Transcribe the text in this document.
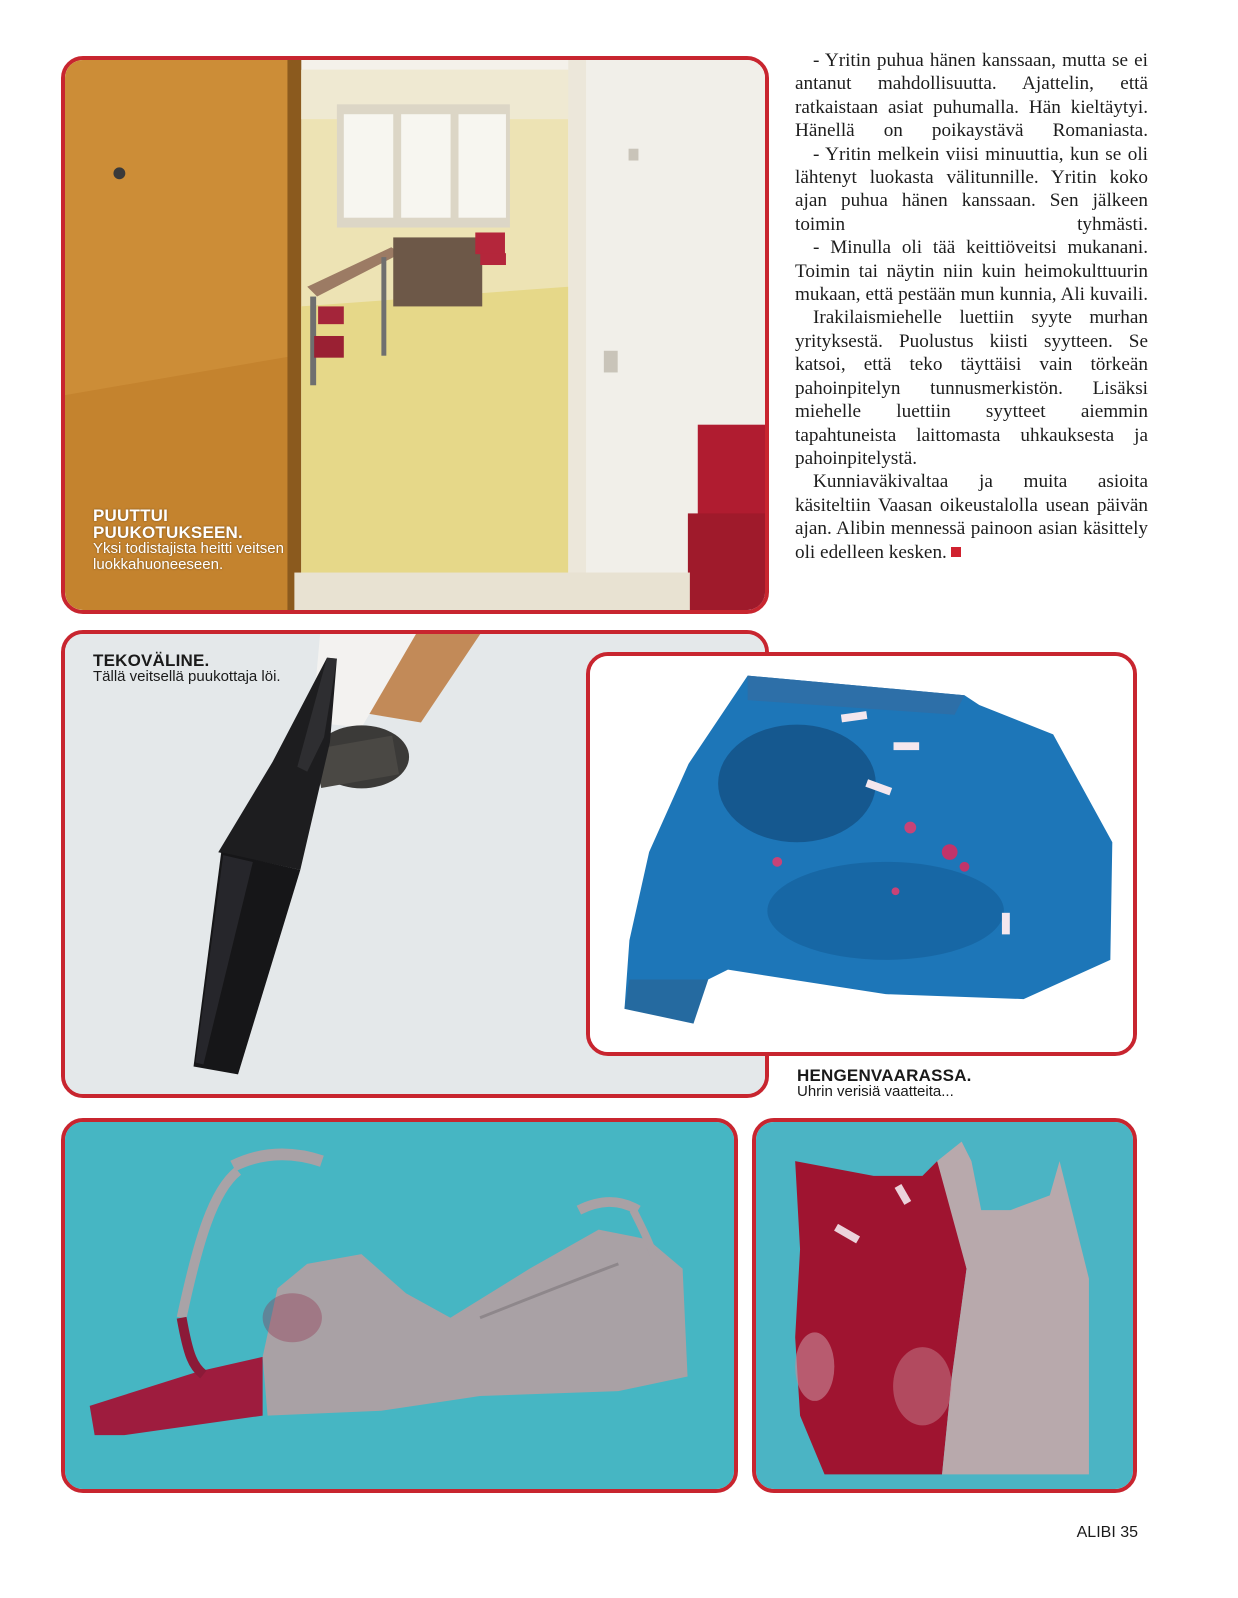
PUUTTUI PUUKOTUKSEEN.
Yksi todistajista heitti veitsen luokkahuoneeseen.

- Yritin puhua hänen kanssaan, mutta se ei antanut mahdollisuutta. Ajattelin, että ratkaistaan asiat puhumalla. Hän kieltäytyi. Hänellä on poikaystävä Romaniasta.

- Yritin melkein viisi minuuttia, kun se oli lähtenyt luokasta välitunnille. Yritin koko ajan puhua hänen kanssaan. Sen jälkeen toimin tyhmästi.

- Minulla oli tää keittiöveitsi mukanani. Toimin tai näytin niin kuin heimokulttuurin mukaan, että pestään mun kunnia, Ali kuvaili.

Irakilaismiehelle luettiin syyte murhan yrityksestä. Puolustus kiisti syytteen. Se katsoi, että teko täyttäisi vain törkeän pahoinpitelyn tunnusmerkistön. Lisäksi miehelle luettiin syytteet aiemmin tapahtuneista laittomasta uhkauksesta ja pahoinpitelystä.

Kunniaväkivaltaa ja muita asioita käsiteltiin Vaasan oikeustalolla usean päivän ajan. Alibin mennessä painoon asian käsittely oli edelleen kesken.

TEKOVÄLINE.
Tällä veitsellä puukottaja löi.
HENGENVAARASSA.
Uhrin verisiä vaatteita...
ALIBI 35
